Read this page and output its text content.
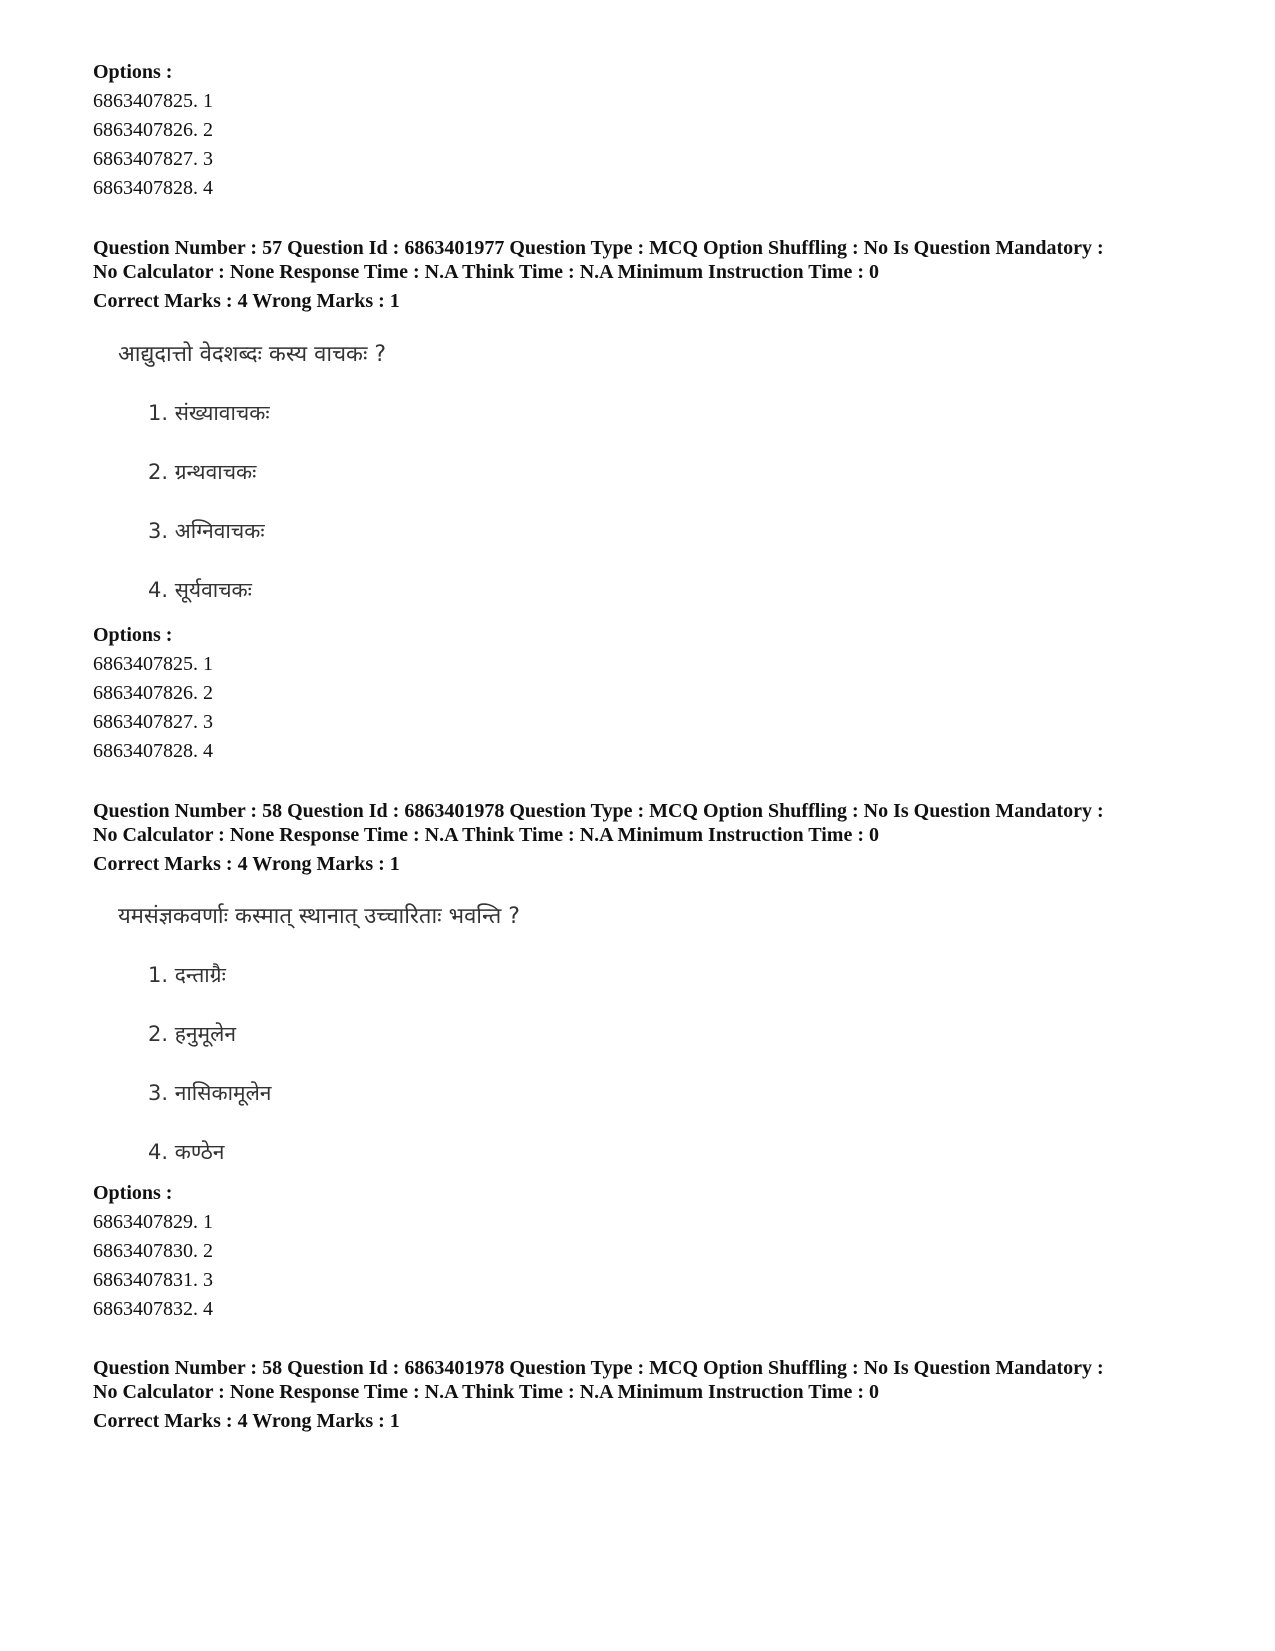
Options :
6863407825. 1
6863407826. 2
6863407827. 3
6863407828. 4
Question Number : 57 Question Id : 6863401977 Question Type : MCQ Option Shuffling : No Is Question Mandatory :
No Calculator : None Response Time : N.A Think Time : N.A Minimum Instruction Time : 0
Correct Marks : 4 Wrong Marks : 1
आद्युदात्तो वेदशब्दः कस्य वाचकः ?
1. संख्यावाचकः
2. ग्रन्थवाचकः
3. अग्निवाचकः
4. सूर्यवाचकः
Options :
6863407825. 1
6863407826. 2
6863407827. 3
6863407828. 4
Question Number : 58 Question Id : 6863401978 Question Type : MCQ Option Shuffling : No Is Question Mandatory :
No Calculator : None Response Time : N.A Think Time : N.A Minimum Instruction Time : 0
Correct Marks : 4 Wrong Marks : 1
यमसंज्ञकवर्णाः कस्मात् स्थानात् उच्चारिताः भवन्ति ?
1. दन्ताग्रैः
2. हनुमूलेन
3. नासिकामूलेन
4. कण्ठेन
Options :
6863407829. 1
6863407830. 2
6863407831. 3
6863407832. 4
Question Number : 58 Question Id : 6863401978 Question Type : MCQ Option Shuffling : No Is Question Mandatory :
No Calculator : None Response Time : N.A Think Time : N.A Minimum Instruction Time : 0
Correct Marks : 4 Wrong Marks : 1
